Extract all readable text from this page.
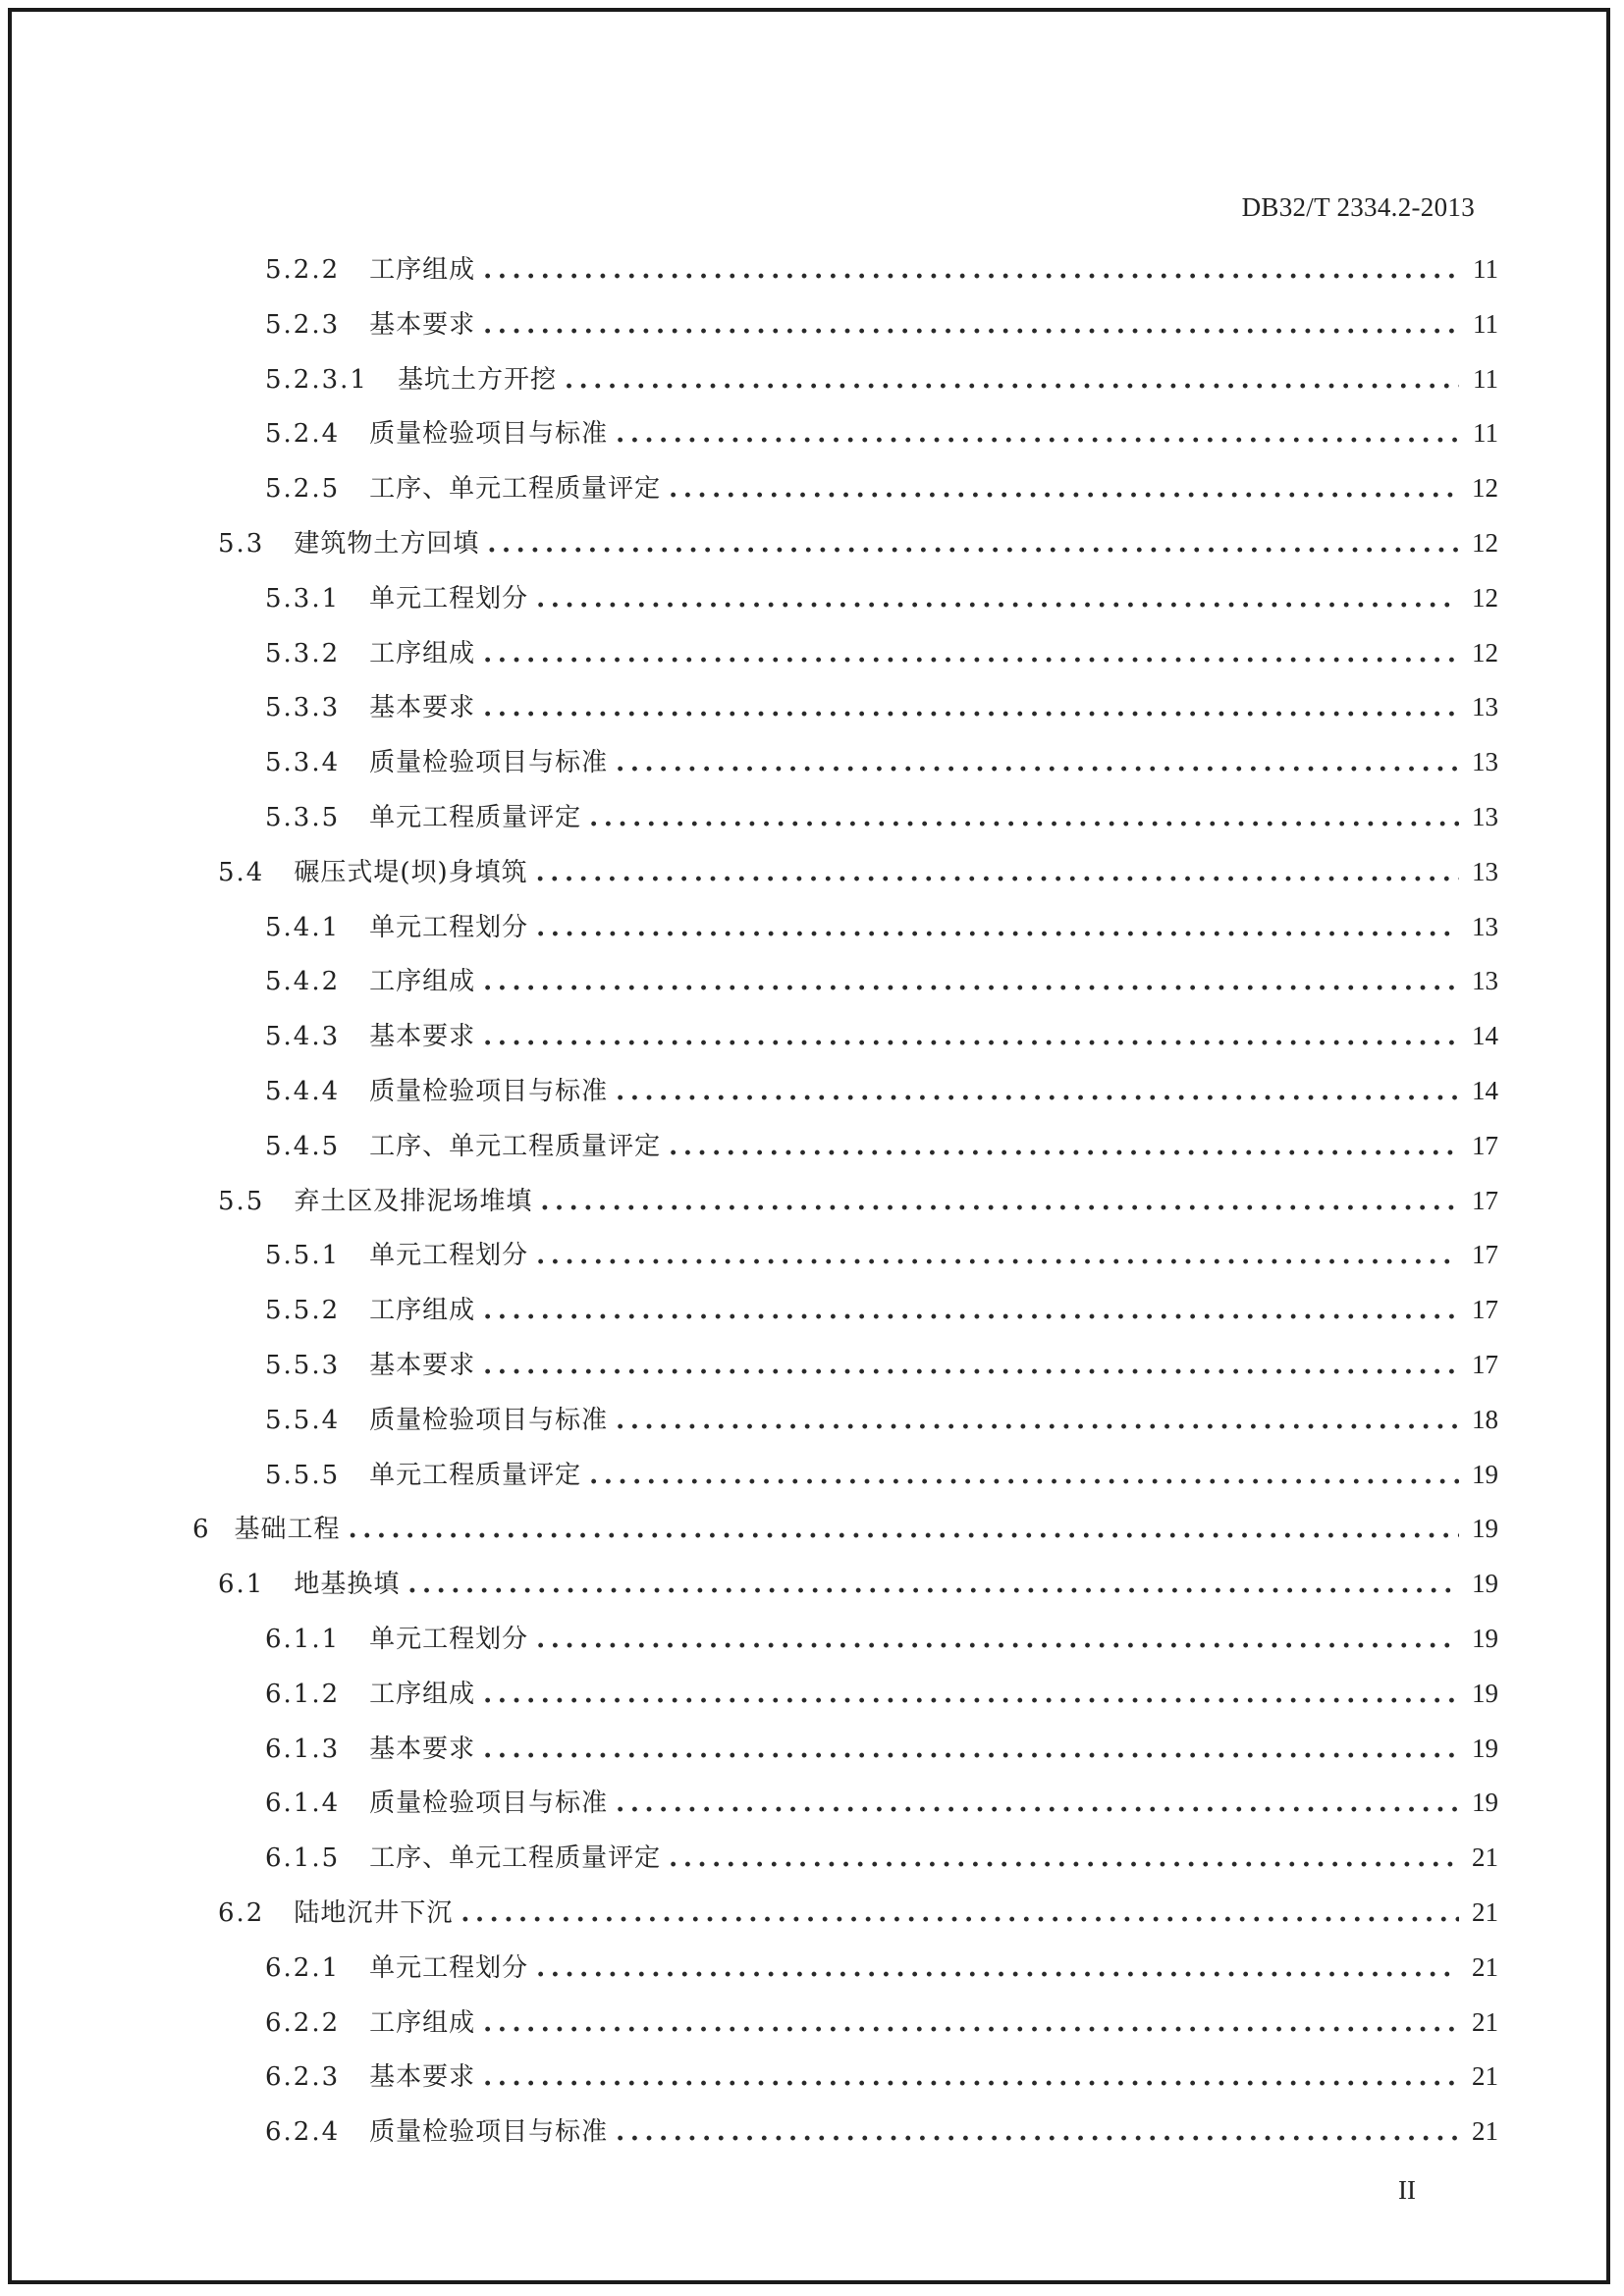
DB32/T 2334.2-2013
5.2.2 工序组成 .....	11
5.2.3 基本要求 .....	11
5.2.3.1 基坑土方开挖 .....	11
5.2.4 质量检验项目与标准 .....	11
5.2.5 工序、单元工程质量评定 .....	12
5.3 建筑物土方回填 .....	12
5.3.1 单元工程划分 .....	12
5.3.2 工序组成 .....	12
5.3.3 基本要求 .....	13
5.3.4 质量检验项目与标准 .....	13
5.3.5 单元工程质量评定 .....	13
5.4 碾压式堤(坝)身填筑 .....	13
5.4.1 单元工程划分 .....	13
5.4.2 工序组成 .....	13
5.4.3 基本要求 .....	14
5.4.4 质量检验项目与标准 .....	14
5.4.5 工序、单元工程质量评定 .....	17
5.5 弃土区及排泥场堆填 .....	17
5.5.1 单元工程划分 .....	17
5.5.2 工序组成 .....	17
5.5.3 基本要求 .....	17
5.5.4 质量检验项目与标准 .....	18
5.5.5 单元工程质量评定 .....	19
6 基础工程 .....	19
6.1 地基换填 .....	19
6.1.1 单元工程划分 .....	19
6.1.2 工序组成 .....	19
6.1.3 基本要求 .....	19
6.1.4 质量检验项目与标准 .....	19
6.1.5 工序、单元工程质量评定 .....	21
6.2 陆地沉井下沉 .....	21
6.2.1 单元工程划分 .....	21
6.2.2 工序组成 .....	21
6.2.3 基本要求 .....	21
6.2.4 质量检验项目与标准 .....	21
II
